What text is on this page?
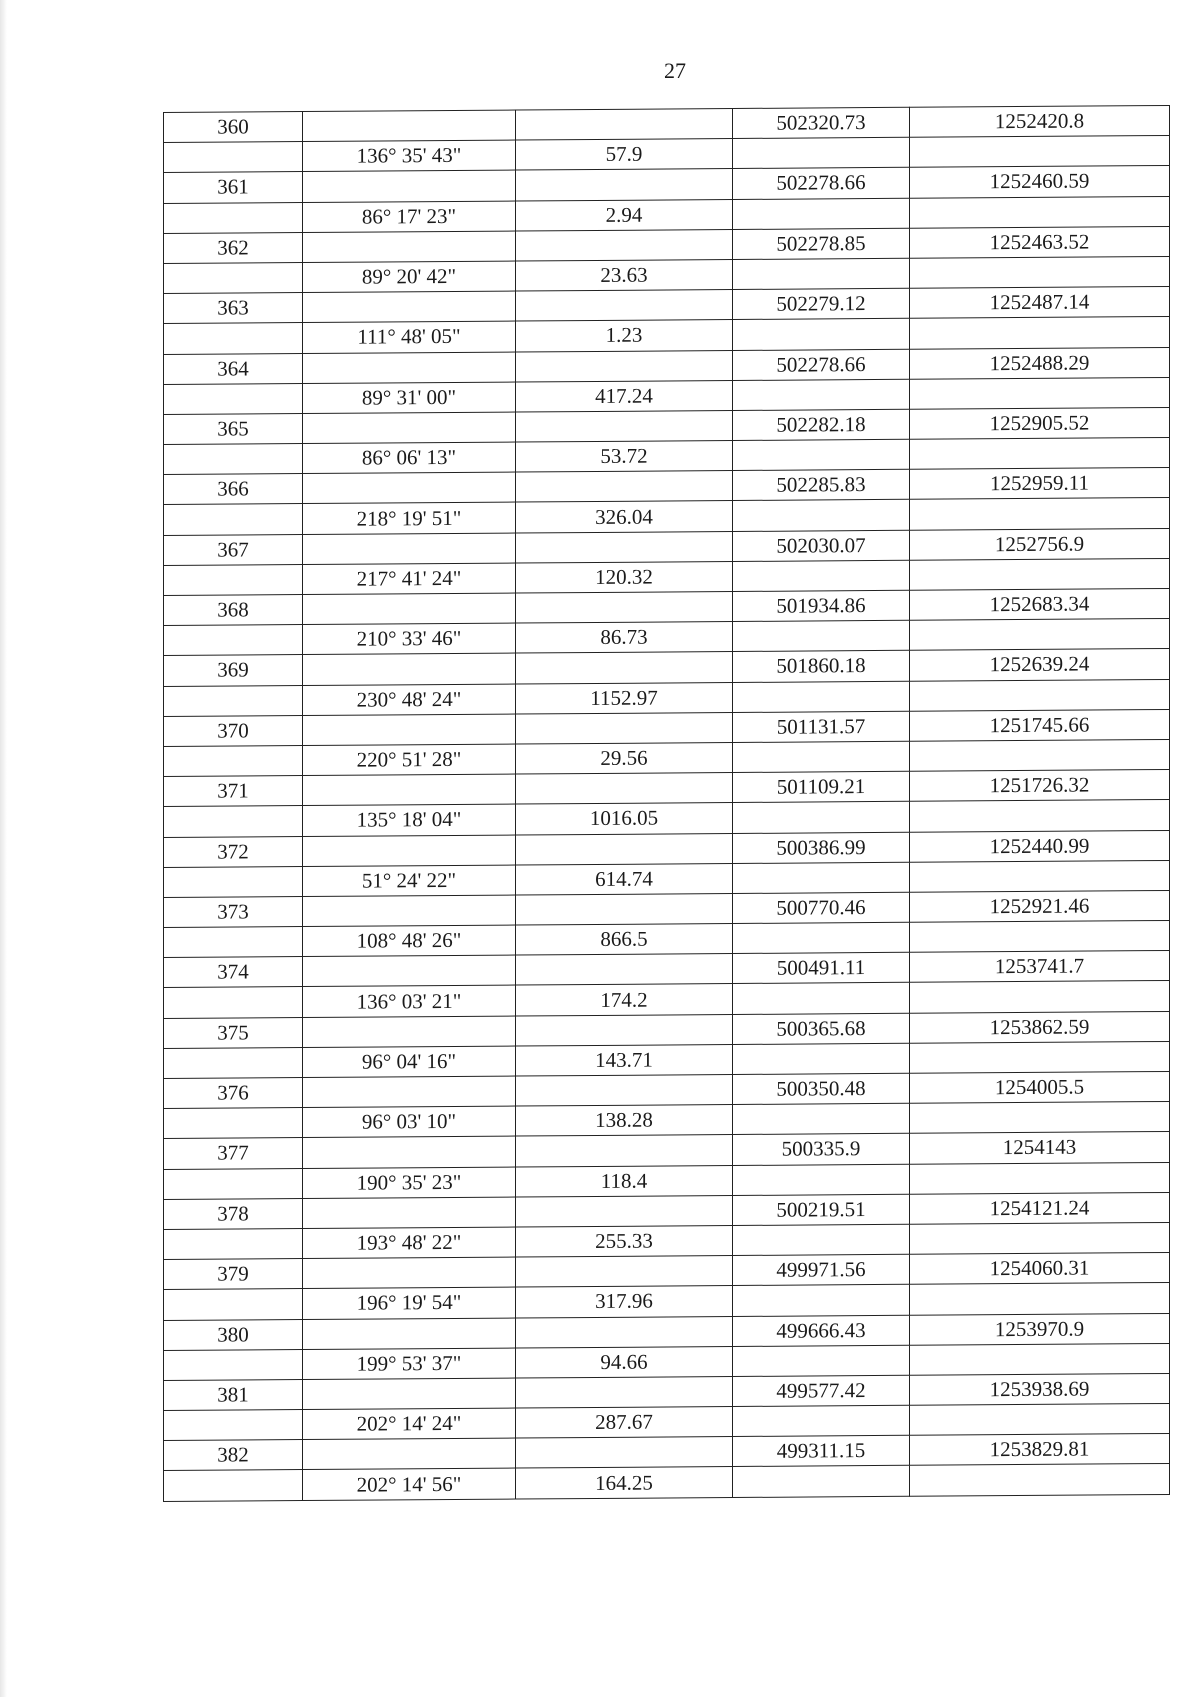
27
360			502320.73	1252420.8
	136° 35' 43"	57.9		
361			502278.66	1252460.59
	86° 17' 23"	2.94		
362			502278.85	1252463.52
	89° 20' 42"	23.63		
363			502279.12	1252487.14
	111° 48' 05"	1.23		
364			502278.66	1252488.29
	89° 31' 00"	417.24		
365			502282.18	1252905.52
	86° 06' 13"	53.72		
366			502285.83	1252959.11
	218° 19' 51"	326.04		
367			502030.07	1252756.9
	217° 41' 24"	120.32		
368			501934.86	1252683.34
	210° 33' 46"	86.73		
369			501860.18	1252639.24
	230° 48' 24"	1152.97		
370			501131.57	1251745.66
	220° 51' 28"	29.56		
371			501109.21	1251726.32
	135° 18' 04"	1016.05		
372			500386.99	1252440.99
	51° 24' 22"	614.74		
373			500770.46	1252921.46
	108° 48' 26"	866.5		
374			500491.11	1253741.7
	136° 03' 21"	174.2		
375			500365.68	1253862.59
	96° 04' 16"	143.71		
376			500350.48	1254005.5
	96° 03' 10"	138.28		
377			500335.9	1254143
	190° 35' 23"	118.4		
378			500219.51	1254121.24
	193° 48' 22"	255.33		
379			499971.56	1254060.31
	196° 19' 54"	317.96		
380			499666.43	1253970.9
	199° 53' 37"	94.66		
381			499577.42	1253938.69
	202° 14' 24"	287.67		
382			499311.15	1253829.81
	202° 14' 56"	164.25		
